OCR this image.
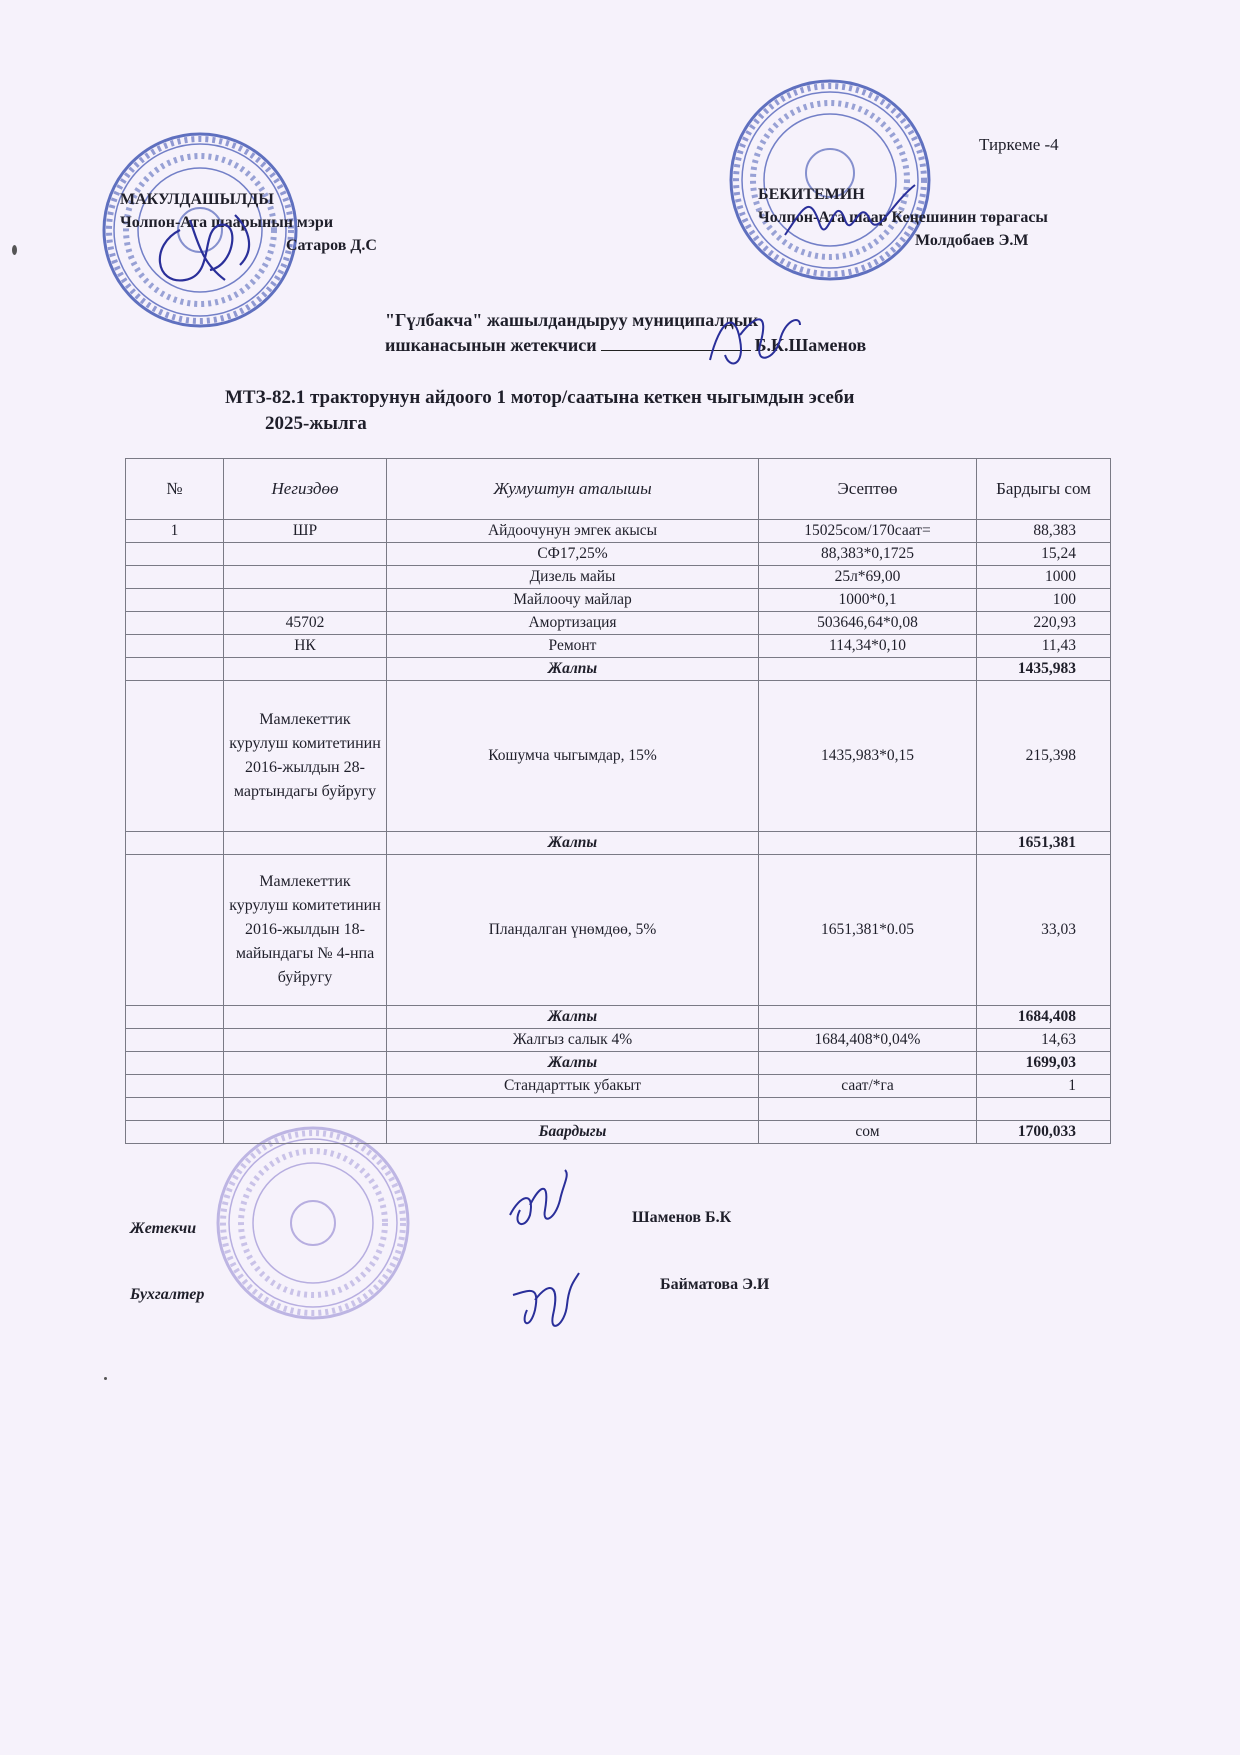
МАКУЛДАШЫЛДЫ
Чолпон-Ата шаарынын мэри
Сатаров Д.С
Тиркеме -4
БЕКИТЕМИН
Чолпон-Ата шаар Кеңешинин төрагасы
Молдобаев Э.М
"Гүлбакча" жашылдандыруу муниципалдык
ишканасынын жетекчиси	Б.К.Шаменов
МТЗ-82.1 тракторунун айдоого 1 мотор/саатына кеткен чыгымдын эсеби
2025-жылга
№	Негиздөө	Жумуштун аталышы	Эсептөө	Бардыгы сом
1	ШР	Айдоочунун эмгек акысы	15025сом/170саат=	88,383
		СФ17,25%	88,383*0,1725	15,24
		Дизель майы	25л*69,00	1000
		Майлоочу майлар	1000*0,1	100
	45702	Амортизация	503646,64*0,08	220,93
	НК	Ремонт	114,34*0,10	11,43
		Жалпы		1435,983
	Мамлекеттик курулуш комитетинин 2016-жылдын 28-мартындагы буйругу	Кошумча чыгымдар, 15%	1435,983*0,15	215,398
		Жалпы		1651,381
	Мамлекеттик курулуш комитетинин 2016-жылдын 18-майындагы № 4-нпа буйругу	Пландалган үнөмдөө, 5%	1651,381*0.05	33,03
		Жалпы		1684,408
		Жалгыз салык 4%	1684,408*0,04%	14,63
		Жалпы		1699,03
		Стандарттык убакыт	саат/*га	1

		Баардыгы	сом	1700,033
Жетекчи
Шаменов Б.К
Бухгалтер
Байматова Э.И
